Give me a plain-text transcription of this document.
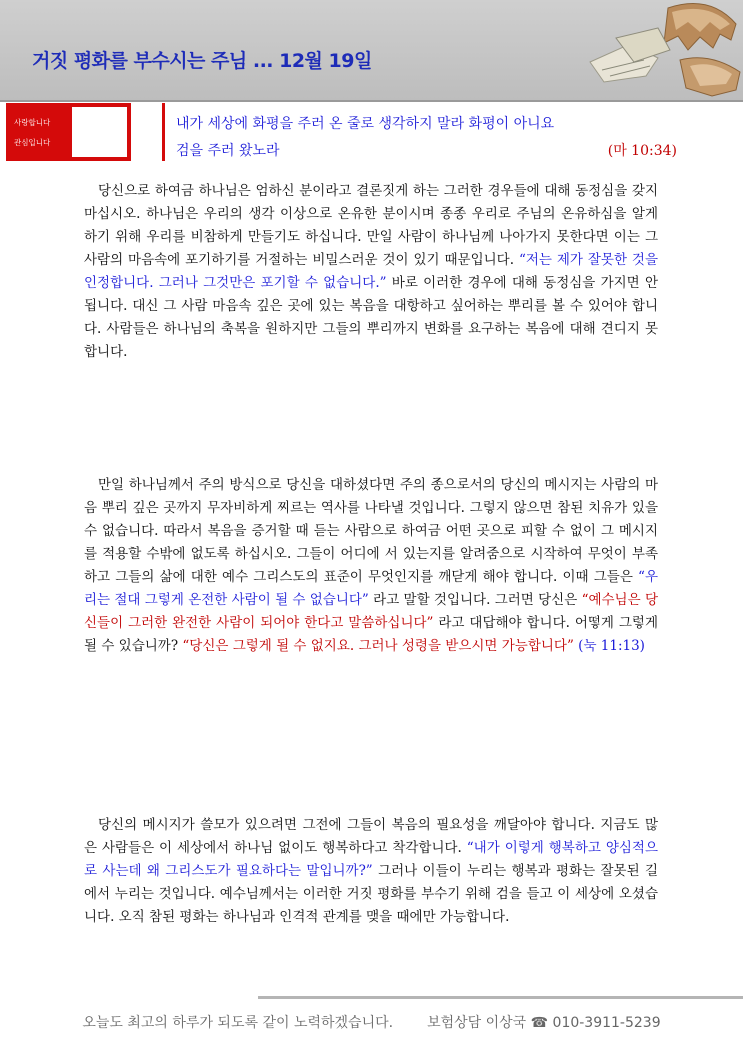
거짓 평화를 부수시는 주님 ... 12월 19일
사랑합니다
관심입니다
내가 세상에 화평을 주러 온 줄로 생각하지 말라 화평이 아니요
검을 주러 왔노라	(마 10:34)

당신으로 하여금 하나님은 엄하신 분이라고 결론짓게 하는 그러한 경우들에 대해 동정심을 갖지 마십시오. 하나님은 우리의 생각 이상으로 온유한 분이시며 종종 우리로 주님의 온유하심을 알게 하기 위해 우리를 비참하게 만들기도 하십니다. 만일 사람이 하나님께 나아가지 못한다면 이는 그 사람의 마음속에 포기하기를 거절하는 비밀스러운 것이 있기 때문입니다. “저는 제가 잘못한 것을 인정합니다. 그러나 그것만은 포기할 수 없습니다.” 바로 이러한 경우에 대해 동정심을 가지면 안 됩니다. 대신 그 사람 마음속 깊은 곳에 있는 복음을 대항하고 싶어하는 뿌리를 볼 수 있어야 합니다. 사람들은 하나님의 축복을 원하지만 그들의 뿌리까지 변화를 요구하는 복음에 대해 견디지 못합니다.

만일 하나님께서 주의 방식으로 당신을 대하셨다면 주의 종으로서의 당신의 메시지는 사람의 마음 뿌리 깊은 곳까지 무자비하게 찌르는 역사를 나타낼 것입니다. 그렇지 않으면 참된 치유가 있을 수 없습니다. 따라서 복음을 증거할 때 듣는 사람으로 하여금 어떤 곳으로 피할 수 없이 그 메시지를 적용할 수밖에 없도록 하십시오. 그들이 어디에 서 있는지를 알려줌으로 시작하여 무엇이 부족하고 그들의 삶에 대한 예수 그리스도의 표준이 무엇인지를 깨닫게 해야 합니다. 이때 그들은 “우리는 절대 그렇게 온전한 사람이 될 수 없습니다” 라고 말할 것입니다. 그러면 당신은 “예수님은 당신들이 그러한 완전한 사람이 되어야 한다고 말씀하십니다” 라고 대답해야 합니다. 어떻게 그렇게 될 수 있습니까? “당신은 그렇게 될 수 없지요. 그러나 성령을 받으시면 가능합니다” (눅 11:13)

당신의 메시지가 쓸모가 있으려면 그전에 그들이 복음의 필요성을 깨달아야 합니다. 지금도 많은 사람들은 이 세상에서 하나님 없이도 행복하다고 착각합니다. “내가 이렇게 행복하고 양심적으로 사는데 왜 그리스도가 필요하다는 말입니까?” 그러나 이들이 누리는 행복과 평화는 잘못된 길에서 누리는 것입니다. 예수님께서는 이러한 거짓 평화를 부수기 위해 검을 들고 이 세상에 오셨습니다. 오직 참된 평화는 하나님과 인격적 관계를 맺을 때에만 가능합니다.

오늘도 최고의 하루가 되도록 같이 노력하겠습니다. 보험상담 이상국 ☎ 010-3911-5239
